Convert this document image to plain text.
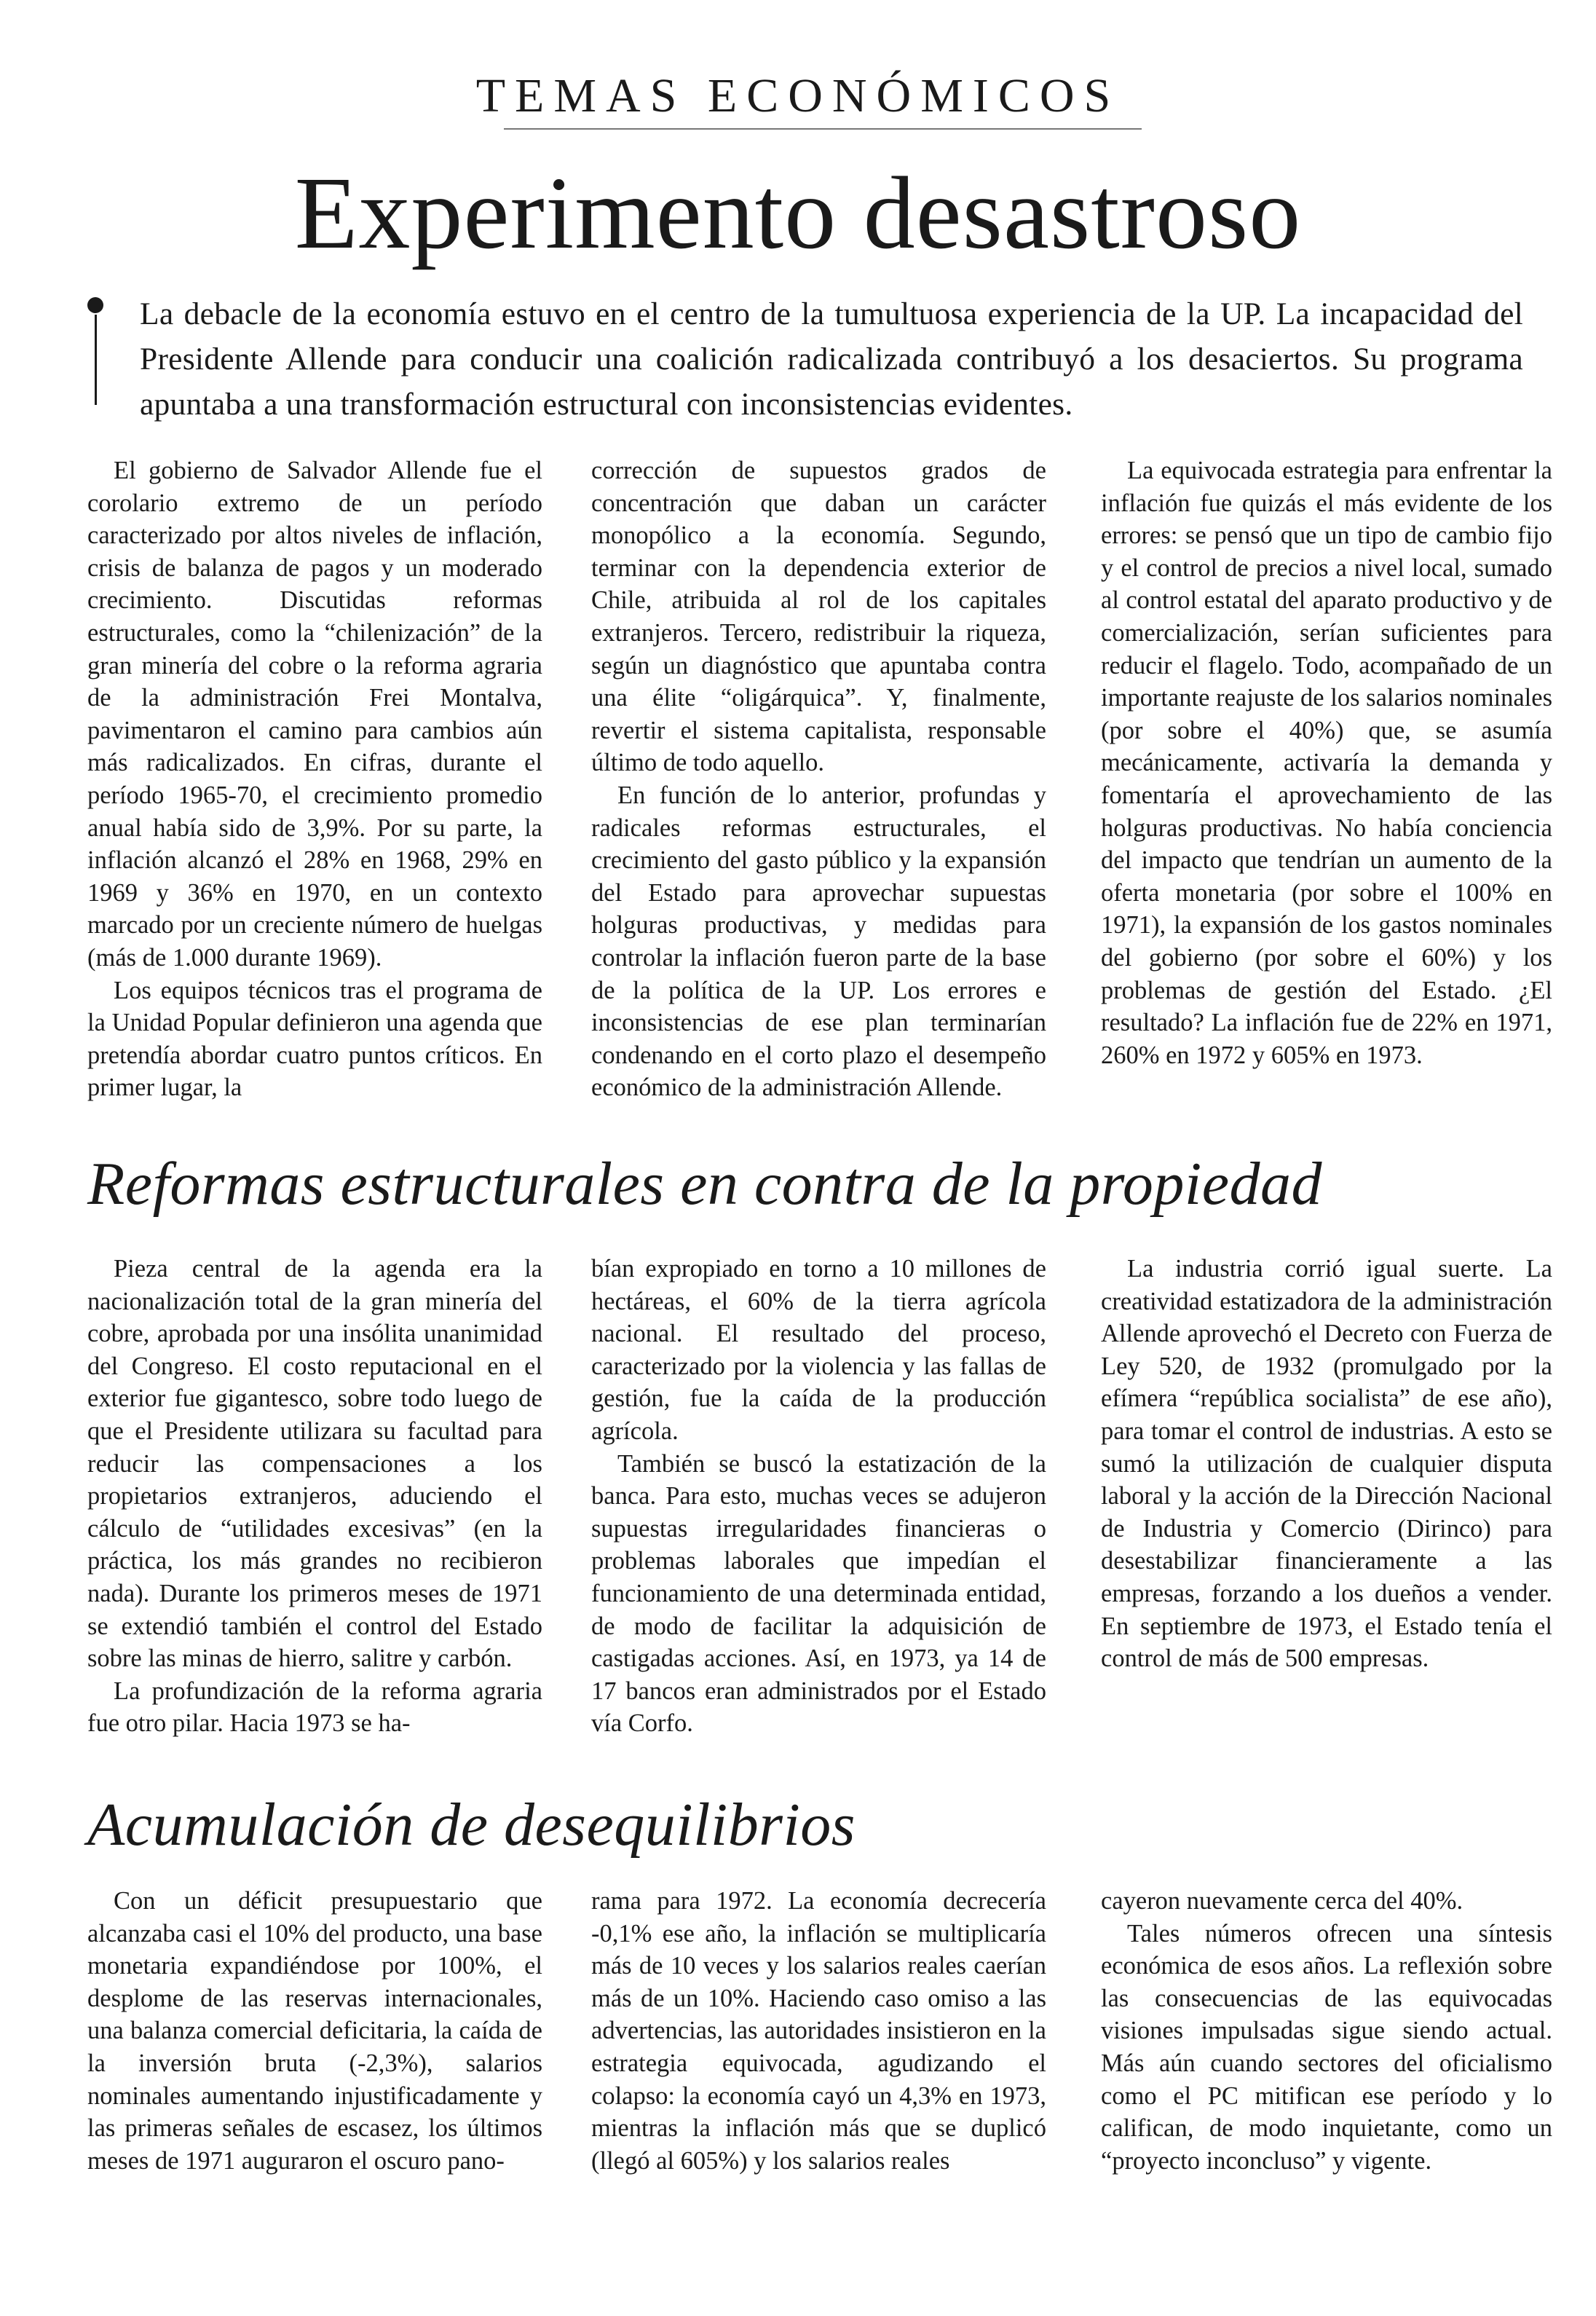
TEMAS ECONÓMICOS
Experimento desastroso

La debacle de la economía estuvo en el centro de la tumultuosa experiencia de la UP. La incapacidad del Presidente Allende para conducir una coalición radicalizada contribuyó a los desaciertos. Su programa apuntaba a una transformación estructural con inconsistencias evidentes.

El gobierno de Salvador Allende fue el corolario extremo de un período caracterizado por altos niveles de inflación, crisis de balanza de pagos y un moderado crecimiento. Discutidas reformas estructurales, como la “chilenización” de la gran minería del cobre o la reforma agraria de la administración Frei Montalva, pavimentaron el camino para cambios aún más radicalizados. En cifras, durante el período 1965-70, el crecimiento promedio anual había sido de 3,9%. Por su parte, la inflación alcanzó el 28% en 1968, 29% en 1969 y 36% en 1970, en un contexto marcado por un creciente número de huelgas (más de 1.000 durante 1969).

Los equipos técnicos tras el programa de la Unidad Popular definieron una agenda que pretendía abordar cuatro puntos críticos. En primer lugar, la

corrección de supuestos grados de concentración que daban un carácter monopólico a la economía. Segundo, terminar con la dependencia exterior de Chile, atribuida al rol de los capitales extranjeros. Tercero, redistribuir la riqueza, según un diagnóstico que apuntaba contra una élite “oligárquica”. Y, finalmente, revertir el sistema capitalista, responsable último de todo aquello.

En función de lo anterior, profundas y radicales reformas estructurales, el crecimiento del gasto público y la expansión del Estado para aprovechar supuestas holguras productivas, y medidas para controlar la inflación fueron parte de la base de la política de la UP. Los errores e inconsistencias de ese plan terminarían condenando en el corto plazo el desempeño económico de la administración Allende.

La equivocada estrategia para enfrentar la inflación fue quizás el más evidente de los errores: se pensó que un tipo de cambio fijo y el control de precios a nivel local, sumado al control estatal del aparato productivo y de comercialización, serían suficientes para reducir el flagelo. Todo, acompañado de un importante reajuste de los salarios nominales (por sobre el 40%) que, se asumía mecánicamente, activaría la demanda y fomentaría el aprovechamiento de las holguras productivas. No había conciencia del impacto que tendrían un aumento de la oferta monetaria (por sobre el 100% en 1971), la expansión de los gastos nominales del gobierno (por sobre el 60%) y los problemas de gestión del Estado. ¿El resultado? La inflación fue de 22% en 1971, 260% en 1972 y 605% en 1973.

Reformas estructurales en contra de la propiedad

Pieza central de la agenda era la nacionalización total de la gran minería del cobre, aprobada por una insólita unanimidad del Congreso. El costo reputacional en el exterior fue gigantesco, sobre todo luego de que el Presidente utilizara su facultad para reducir las compensaciones a los propietarios extranjeros, aduciendo el cálculo de “utilidades excesivas” (en la práctica, los más grandes no recibieron nada). Durante los primeros meses de 1971 se extendió también el control del Estado sobre las minas de hierro, salitre y carbón.

La profundización de la reforma agraria fue otro pilar. Hacia 1973 se ha-

bían expropiado en torno a 10 millones de hectáreas, el 60% de la tierra agrícola nacional. El resultado del proceso, caracterizado por la violencia y las fallas de gestión, fue la caída de la producción agrícola.

También se buscó la estatización de la banca. Para esto, muchas veces se adujeron supuestas irregularidades financieras o problemas laborales que impedían el funcionamiento de una determinada entidad, de modo de facilitar la adquisición de castigadas acciones. Así, en 1973, ya 14 de 17 bancos eran administrados por el Estado vía Corfo.

La industria corrió igual suerte. La creatividad estatizadora de la administración Allende aprovechó el Decreto con Fuerza de Ley 520, de 1932 (promulgado por la efímera “república socialista” de ese año), para tomar el control de industrias. A esto se sumó la utilización de cualquier disputa laboral y la acción de la Dirección Nacional de Industria y Comercio (Dirinco) para desestabilizar financieramente a las empresas, forzando a los dueños a vender. En septiembre de 1973, el Estado tenía el control de más de 500 empresas.

Acumulación de desequilibrios

Con un déficit presupuestario que alcanzaba casi el 10% del producto, una base monetaria expandiéndose por 100%, el desplome de las reservas internacionales, una balanza comercial deficitaria, la caída de la inversión bruta (-2,3%), salarios nominales aumentando injustificadamente y las primeras señales de escasez, los últimos meses de 1971 auguraron el oscuro pano-

rama para 1972. La economía decrecería -0,1% ese año, la inflación se multiplicaría más de 10 veces y los salarios reales caerían más de un 10%. Haciendo caso omiso a las advertencias, las autoridades insistieron en la estrategia equivocada, agudizando el colapso: la economía cayó un 4,3% en 1973, mientras la inflación más que se duplicó (llegó al 605%) y los salarios reales

cayeron nuevamente cerca del 40%.

Tales números ofrecen una síntesis económica de esos años. La reflexión sobre las consecuencias de las equivocadas visiones impulsadas sigue siendo actual. Más aún cuando sectores del oficialismo como el PC mitifican ese período y lo califican, de modo inquietante, como un “proyecto inconcluso” y vigente.
